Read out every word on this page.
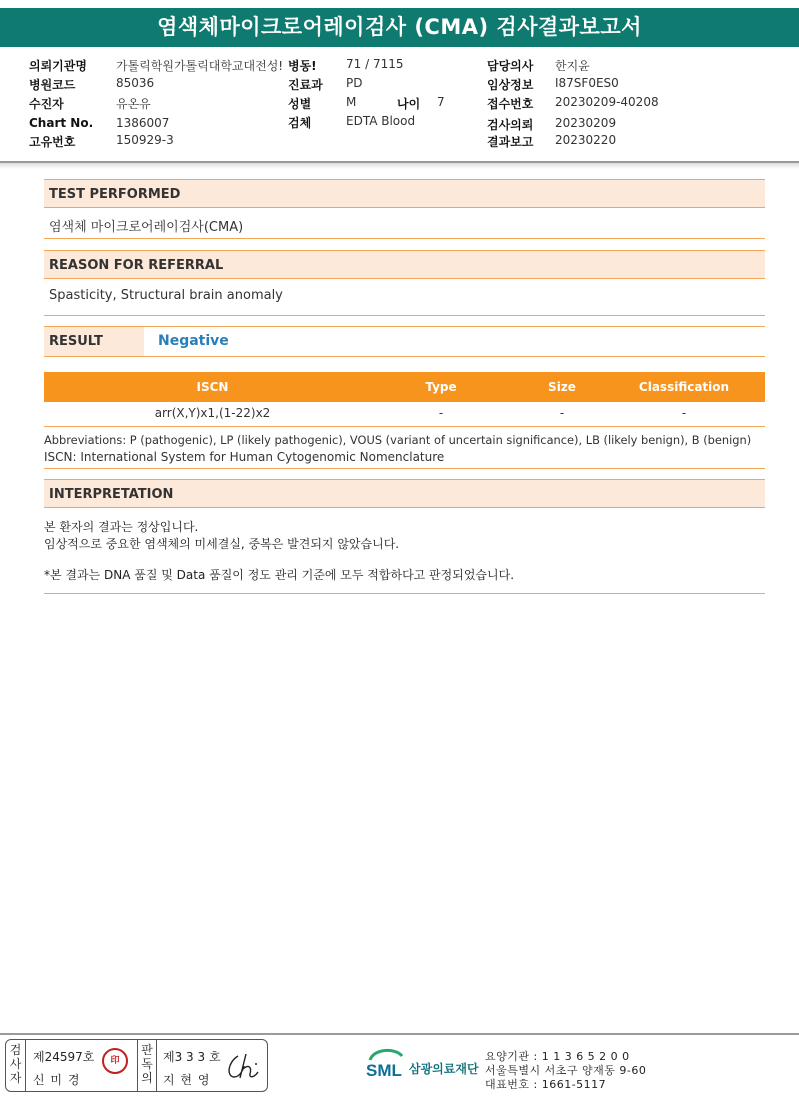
염색체마이크로어레이검사 (CMA) 검사결과보고서
의뢰기관명 가톨릭학원가톨릭대학교대전성! 병동! 71 / 7115	담당의사 한지윤
병원코드	85036	진료과 PD	임상정보 I87SF0ES0
수진자	유온유	성별	M	나이 7	접수번호 20230209-40208
Chart No. 1386007	검체	EDTA Blood	검사의뢰 20230209
고유번호	150929-3	결과보고 20230220
TEST PERFORMED
염색체 마이크로어레이검사(CMA)
REASON FOR REFERRAL
Spasticity, Structural brain anomaly
RESULT	Negative
ISCN	Type	Size	Classification
arr(X,Y)x1,(1-22)x2	-	-	-
Abbreviations: P (pathogenic), LP (likely pathogenic), VOUS (variant of uncertain significance), LB (likely benign), B (benign)
ISCN: International System for Human Cytogenomic Nomenclature
INTERPRETATION
본 환자의 결과는 정상입니다.
임상적으로 중요한 염색체의 미세결실, 중복은 발견되지 않았습니다.
*본 결과는 DNA 품질 및 Data 품질이 정도 관리 기준에 모두 적합하다고 판정되었습니다.
검사자
제24597호
신 미 경
印
판독의
제3 3 3 호
지 현 영	SML 삼광의료재단
요양기관 : 1 1 3 6 5 2 0 0
서울특별시 서초구 양재동 9-60
대표번호 : 1661-5117
